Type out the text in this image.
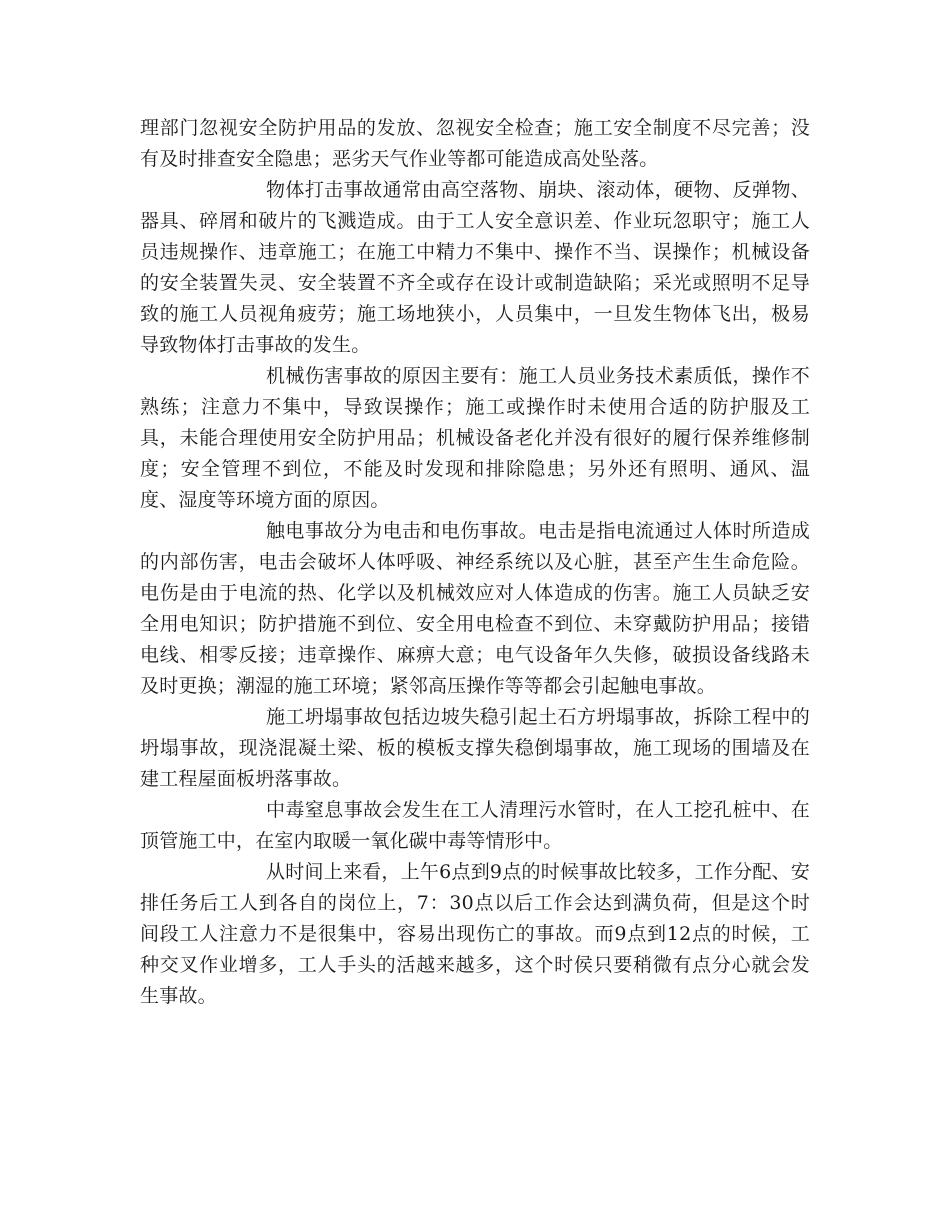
理部门忽视安全防护用品的发放、忽视安全检查；施工安全制度不尽完善；没有及时排查安全隐患；恶劣天气作业等都可能造成高处坠落。

物体打击事故通常由高空落物、崩块、滚动体，硬物、反弹物、器具、碎屑和破片的飞溅造成。由于工人安全意识差、作业玩忽职守；施工人员违规操作、违章施工；在施工中精力不集中、操作不当、误操作；机械设备的安全装置失灵、安全装置不齐全或存在设计或制造缺陷；采光或照明不足导致的施工人员视角疲劳；施工场地狭小，人员集中，一旦发生物体飞出，极易导致物体打击事故的发生。

机械伤害事故的原因主要有：施工人员业务技术素质低，操作不熟练；注意力不集中，导致误操作；施工或操作时未使用合适的防护服及工具，未能合理使用安全防护用品；机械设备老化并没有很好的履行保养维修制度；安全管理不到位，不能及时发现和排除隐患；另外还有照明、通风、温度、湿度等环境方面的原因。

触电事故分为电击和电伤事故。电击是指电流通过人体时所造成的内部伤害，电击会破坏人体呼吸、神经系统以及心脏，甚至产生生命危险。电伤是由于电流的热、化学以及机械效应对人体造成的伤害。施工人员缺乏安全用电知识；防护措施不到位、安全用电检查不到位、未穿戴防护用品；接错电线、相零反接；违章操作、麻痹大意；电气设备年久失修，破损设备线路未及时更换；潮湿的施工环境；紧邻高压操作等等都会引起触电事故。

施工坍塌事故包括边坡失稳引起土石方坍塌事故，拆除工程中的坍塌事故，现浇混凝土梁、板的模板支撑失稳倒塌事故，施工现场的围墙及在建工程屋面板坍落事故。

中毒窒息事故会发生在工人清理污水管时，在人工挖孔桩中、在顶管施工中，在室内取暖一氧化碳中毒等情形中。

从时间上来看，上午6点到9点的时候事故比较多，工作分配、安排任务后工人到各自的岗位上，7：30点以后工作会达到满负荷，但是这个时间段工人注意力不是很集中，容易出现伤亡的事故。而9点到12点的时候，工种交叉作业增多，工人手头的活越来越多，这个时侯只要稍微有点分心就会发生事故。
